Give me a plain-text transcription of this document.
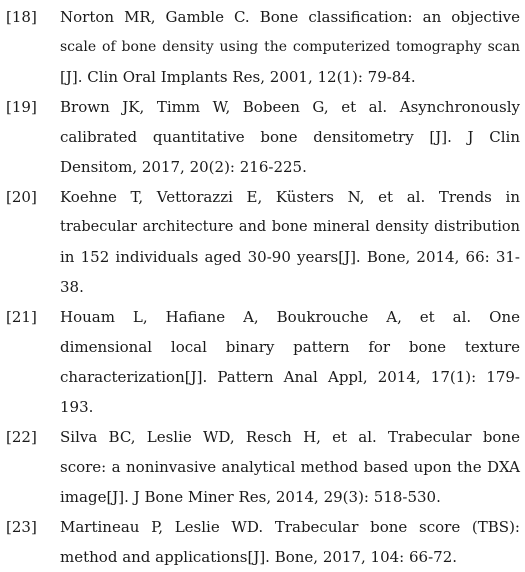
[18] Norton MR, Gamble C. Bone classification: an objective
scale of bone density using the computerized tomography scan
[J]. Clin Oral Implants Res, 2001, 12(1): 79-84.
[19] Brown JK, Timm W, Bobeen G, et al. Asynchronously
calibrated quantitative bone densitometry [J]. J Clin
Densitom, 2017, 20(2): 216-225.
[20] Koehne T, Vettorazzi E, Küsters N, et al. Trends in
trabecular architecture and bone mineral density distribution
in 152 individuals aged 30-90 years[J]. Bone, 2014, 66: 31-
38.
[21] Houam L, Hafiane A, Boukrouche A, et al. One
dimensional local binary pattern for bone texture
characterization[J]. Pattern Anal Appl, 2014, 17(1): 179-
193.
[22] Silva BC, Leslie WD, Resch H, et al. Trabecular bone
score: a noninvasive analytical method based upon the DXA
image[J]. J Bone Miner Res, 2014, 29(3): 518-530.
[23] Martineau P, Leslie WD. Trabecular bone score (TBS):
method and applications[J]. Bone, 2017, 104: 66-72.
